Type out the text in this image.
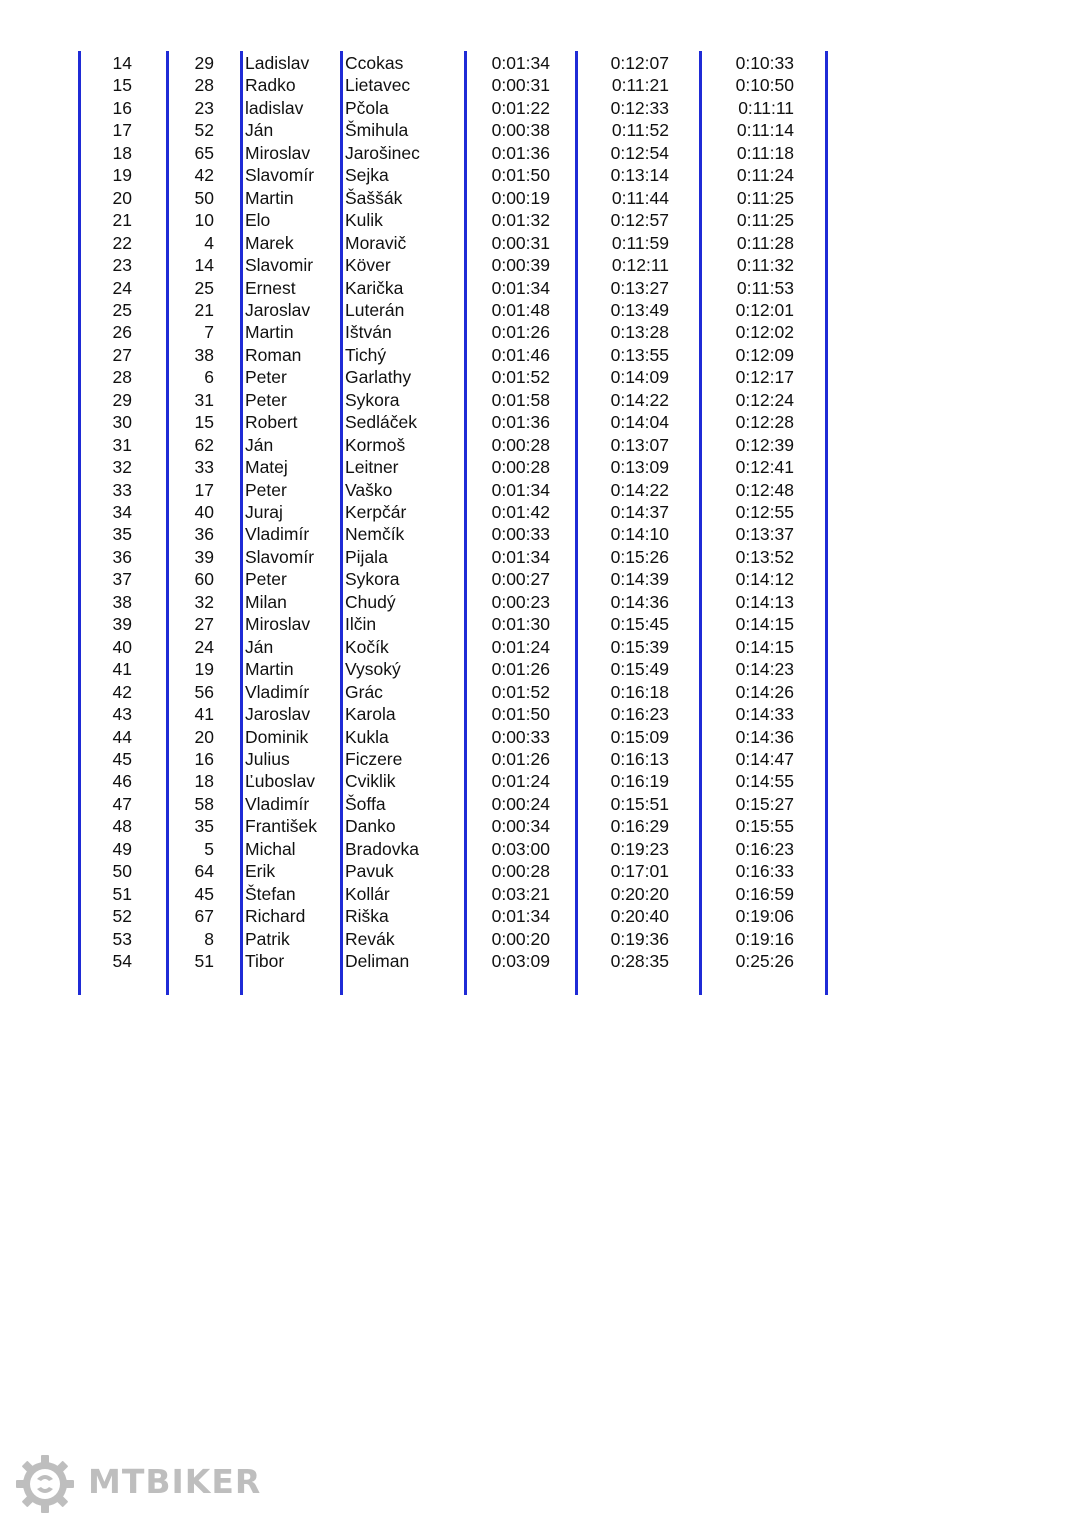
14	29 Ladislav Ccokas	0:01:34	0:12:07	0:10:33
15	28 Radko	Lietavec	0:00:31	0:11:21	0:10:50
16	23 ladislav Pčola	0:01:22	0:12:33	0:11:11
17	52 Ján	Šmihula	0:00:38	0:11:52	0:11:14
18	65 Miroslav Jarošinec	0:01:36	0:12:54	0:11:18
19	42 Slavomír Sejka	0:01:50	0:13:14	0:11:24
20	50 Martin	Šaššák	0:00:19	0:11:44	0:11:25
21	10 Elo	Kulik	0:01:32	0:12:57	0:11:25
22	4 Marek	Moravič	0:00:31	0:11:59	0:11:28
23	14 Slavomir Köver	0:00:39	0:12:11	0:11:32
24	25 Ernest	Karička	0:01:34	0:13:27	0:11:53
25	21 Jaroslav Luterán	0:01:48	0:13:49	0:12:01
26	7 Martin	Ištván	0:01:26	0:13:28	0:12:02
27	38 Roman Tichý	0:01:46	0:13:55	0:12:09
28	6 Peter	Garlathy	0:01:52	0:14:09	0:12:17
29	31 Peter	Sykora	0:01:58	0:14:22	0:12:24
30	15 Robert	Sedláček	0:01:36	0:14:04	0:12:28
31	62 Ján	Kormoš	0:00:28	0:13:07	0:12:39
32	33 Matej	Leitner	0:00:28	0:13:09	0:12:41
33	17 Peter	Vaško	0:01:34	0:14:22	0:12:48
34	40 Juraj	Kerpčár	0:01:42	0:14:37	0:12:55
35	36 Vladimír Nemčík	0:00:33	0:14:10	0:13:37
36	39 Slavomír Pijala	0:01:34	0:15:26	0:13:52
37	60 Peter	Sykora	0:00:27	0:14:39	0:14:12
38	32 Milan	Chudý	0:00:23	0:14:36	0:14:13
39	27 Miroslav Ilčin	0:01:30	0:15:45	0:14:15
40	24 Ján	Kočík	0:01:24	0:15:39	0:14:15
41	19 Martin	Vysoký	0:01:26	0:15:49	0:14:23
42	56 Vladimír Grác	0:01:52	0:16:18	0:14:26
43	41 Jaroslav Karola	0:01:50	0:16:23	0:14:33
44	20 Dominik Kukla	0:00:33	0:15:09	0:14:36
45	16 Julius	Ficzere	0:01:26	0:16:13	0:14:47
46	18 Ľuboslav Cviklik	0:01:24	0:16:19	0:14:55
47	58 Vladimír Šoffa	0:00:24	0:15:51	0:15:27
48	35 František Danko	0:00:34	0:16:29	0:15:55
49	5 Michal	Bradovka	0:03:00	0:19:23	0:16:23
50	64 Erik	Pavuk	0:00:28	0:17:01	0:16:33
51	45 Štefan	Kollár	0:03:21	0:20:20	0:16:59
52	67 Richard Riška	0:01:34	0:20:40	0:19:06
53	8 Patrik	Revák	0:00:20	0:19:36	0:19:16
54	51 Tibor	Deliman	0:03:09	0:28:35	0:25:26
MTBIKER
